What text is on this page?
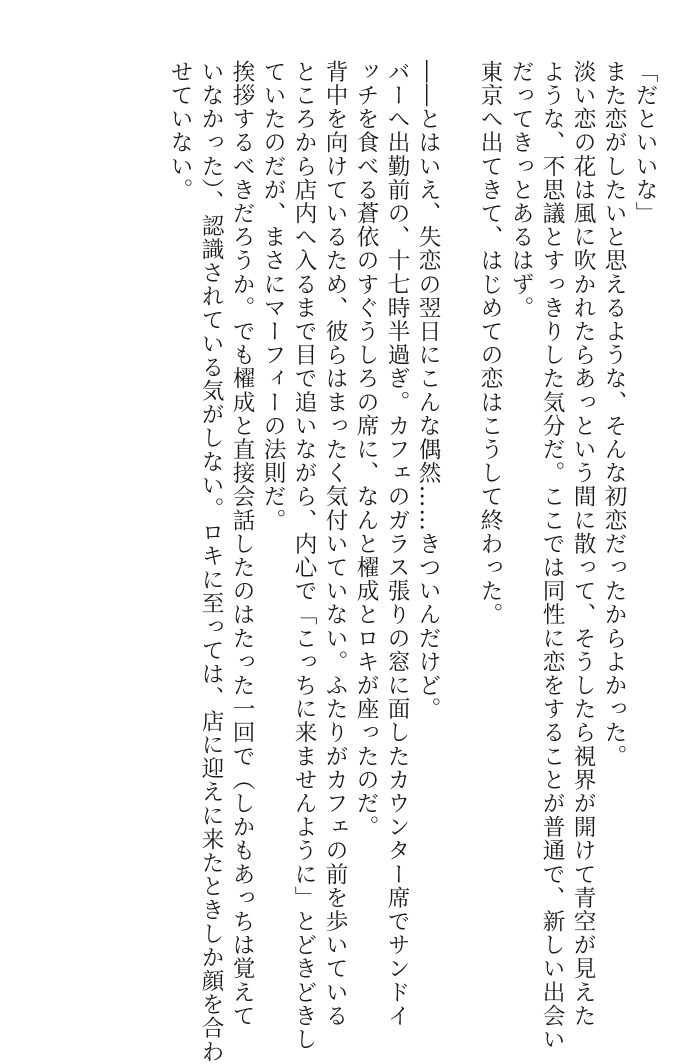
「だといいな」
また恋がしたいと思えるような、そんな初恋だったからよかった。
淡い恋の花は風に吹かれたらあっという間に散って、そうしたら視界が開けて青空が見えた
ような、不思議とすっきりした気分だ。ここでは同性に恋をすることが普通で、新しい出会い
だってきっとあるはず。
東京へ出てきて、はじめての恋はこうして終わった。
――とはいえ、失恋の翌日にこんな偶然……きついんだけど。
バーへ出勤前の、十七時半過ぎ。カフェのガラス張りの窓に面したカウンター席でサンドイ
ッチを食べる蒼依のすぐうしろの席に、なんと櫂成とロキが座ったのだ。
背中を向けているため、彼らはまったく気付いていない。ふたりがカフェの前を歩いている
ところから店内へ入るまで目で追いながら、内心で「こっちに来ませんように」とどきどきし
ていたのだが、まさにマーフィーの法則だ。
挨拶するべきだろうか。でも櫂成と直接会話したのはたった一回で（しかもあっちは覚えて
いなかった）、認識されている気がしない。ロキに至っては、店に迎えに来たときしか顔を合わ
せていない。
